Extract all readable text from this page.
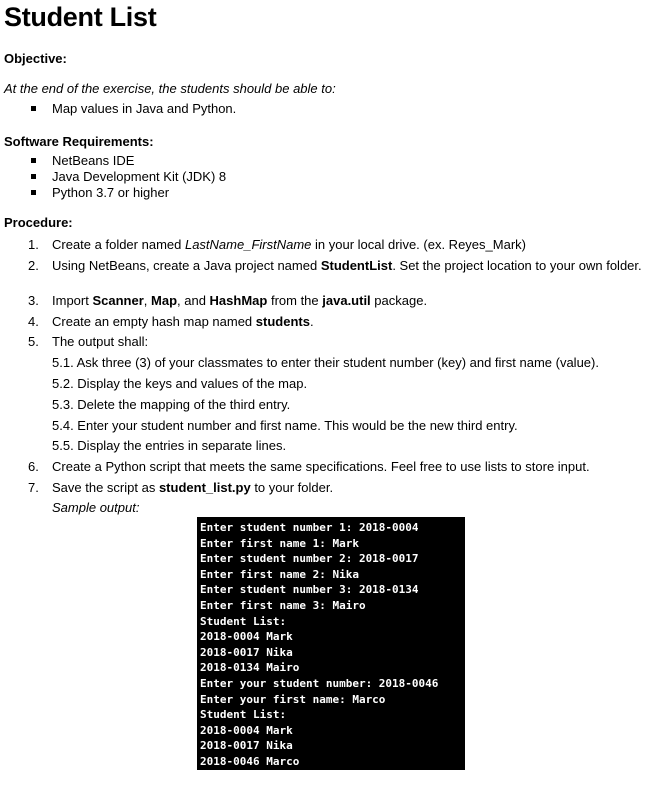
Student List

Objective:

At the end of the exercise, the students should be able to:

Map values in Java and Python.

Software Requirements:

NetBeans IDE
Java Development Kit (JDK) 8
Python 3.7 or higher

Procedure:

1. Create a folder named LastName_FirstName in your local drive. (ex. Reyes_Mark)
2. Using NetBeans, create a Java project named StudentList. Set the project location to your own folder.
3. Import Scanner, Map, and HashMap from the java.util package.
4. Create an empty hash map named students.
5. The output shall:
5.1. Ask three (3) of your classmates to enter their student number (key) and first name (value).
5.2. Display the keys and values of the map.
5.3. Delete the mapping of the third entry.
5.4. Enter your student number and first name. This would be the new third entry.
5.5. Display the entries in separate lines.
6. Create a Python script that meets the same specifications. Feel free to use lists to store input.
7. Save the script as student_list.py to your folder.

Sample output:

Enter student number 1: 2018-0004
Enter first name 1: Mark
Enter student number 2: 2018-0017
Enter first name 2: Nika
Enter student number 3: 2018-0134
Enter first name 3: Mairo
Student List:
2018-0004 Mark
2018-0017 Nika
2018-0134 Mairo
Enter your student number: 2018-0046
Enter your first name: Marco
Student List:
2018-0004 Mark
2018-0017 Nika
2018-0046 Marco
